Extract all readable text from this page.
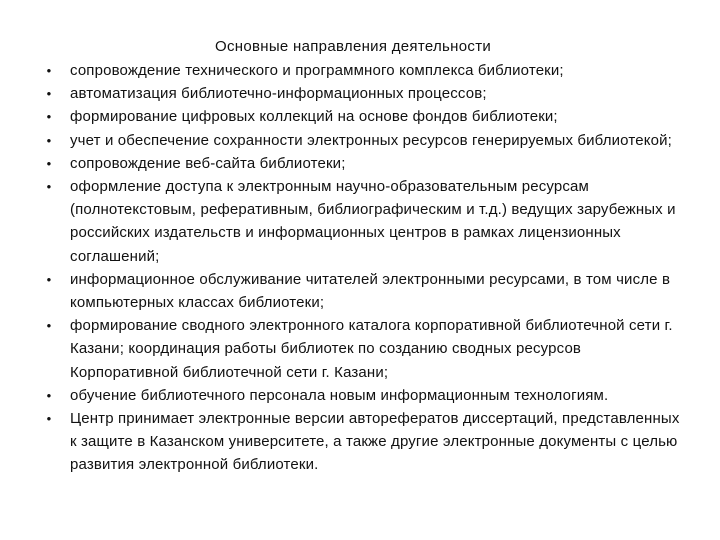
Основные направления деятельности
• сопровождение технического и программного комплекса библиотеки;
• автоматизация библиотечно-информационных процессов;
• формирование цифровых коллекций на основе фондов библиотеки;
• учет и обеспечение сохранности электронных ресурсов генерируемых библиотекой;
• сопровождение веб-сайта библиотеки;
• оформление доступа к электронным научно-образовательным ресурсам (полнотекстовым, реферативным, библиографическим и т.д.) ведущих зарубежных и российских издательств и информационных центров в рамках лицензионных соглашений;
• информационное обслуживание читателей электронными ресурсами, в том числе в компьютерных классах библиотеки;
• формирование сводного электронного каталога корпоративной библиотечной сети г. Казани; координация работы библиотек по созданию сводных ресурсов Корпоративной библиотечной сети г. Казани;
• обучение библиотечного персонала новым информационным технологиям.
• Центр принимает электронные версии авторефератов диссертаций, представленных к защите в Казанском университете, а также другие электронные документы с целью развития электронной библиотеки.
